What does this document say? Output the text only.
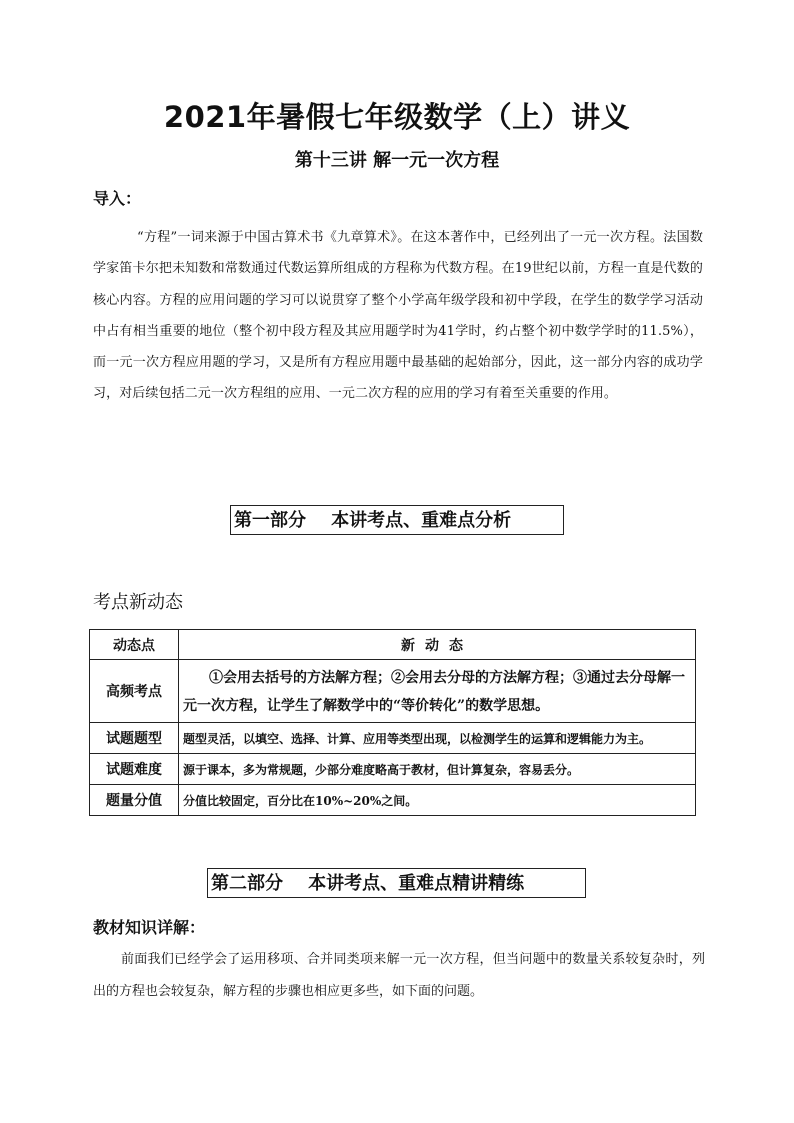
2021年暑假七年级数学（上）讲义
第十三讲 解一元一次方程
导入：
“方程”一词来源于中国古算术书《九章算术》。在这本著作中，已经列出了一元一次方程。法国数学家笛卡尔把未知数和常数通过代数运算所组成的方程称为代数方程。在19世纪以前，方程一直是代数的核心内容。方程的应用问题的学习可以说贯穿了整个小学高年级学段和初中学段，在学生的数学学习活动中占有相当重要的地位（整个初中段方程及其应用题学时为41学时，约占整个初中数学学时的11.5%），而一元一次方程应用题的学习，又是所有方程应用题中最基础的起始部分，因此，这一部分内容的成功学习，对后续包括二元一次方程组的应用、一元二次方程的应用的学习有着至关重要的作用。
第一部分    本讲考点、重难点分析
考点新动态
动态点	新动态
高频考点	①会用去括号的方法解方程；②会用去分母的方法解方程；③通过去分母解一元一次方程，让学生了解数学中的“等价转化”的数学思想。
试题题型	题型灵活，以填空、选择、计算、应用等类型出现，以检测学生的运算和逻辑能力为主。
试题难度	源于课本，多为常规题，少部分难度略高于教材，但计算复杂，容易丢分。
题量分值	分值比较固定，百分比在10%~20%之间。
第二部分    本讲考点、重难点精讲精练
教材知识详解：
前面我们已经学会了运用移项、合并同类项来解一元一次方程，但当问题中的数量关系较复杂时，列出的方程也会较复杂，解方程的步骤也相应更多些，如下面的问题。
